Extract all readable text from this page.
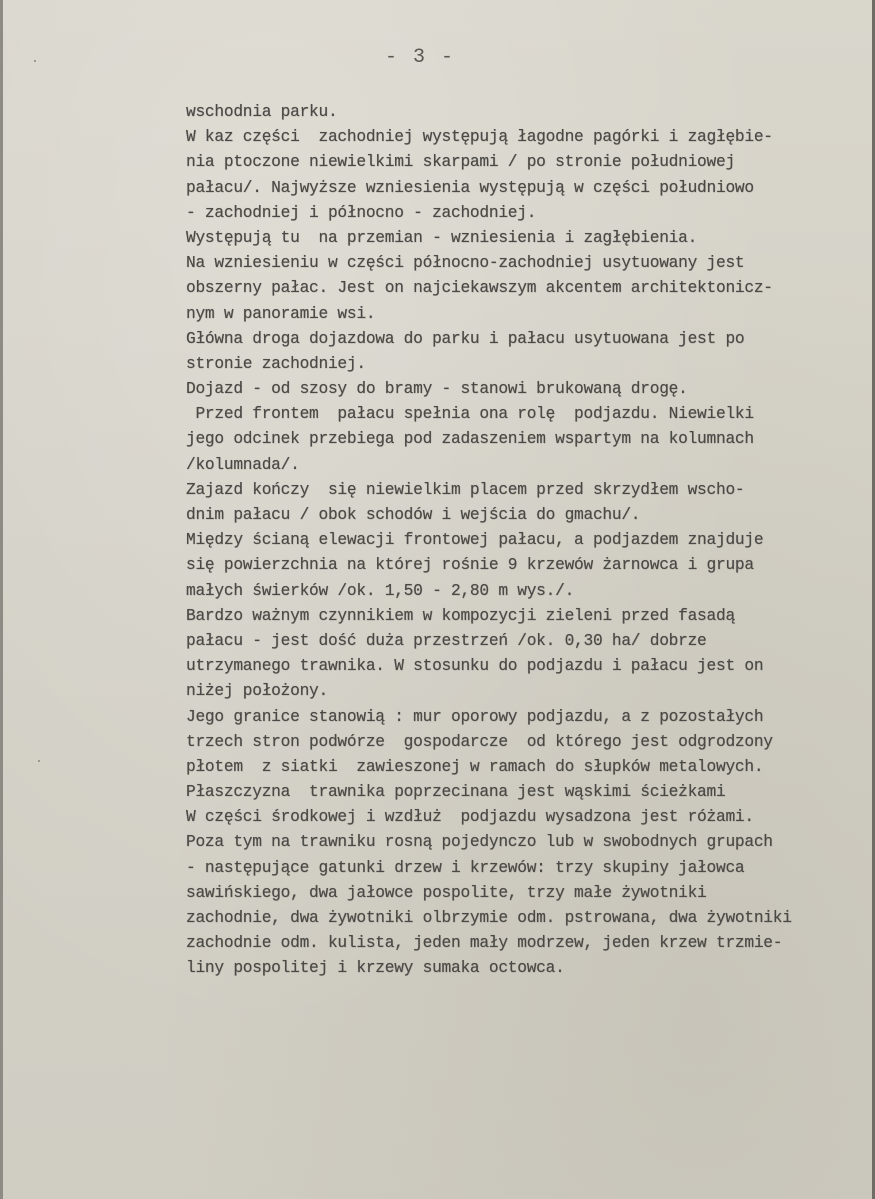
- 3 -
wschodnia parku.
W kaz części  zachodniej występują łagodne pagórki i zagłębie-
nia ptoczone niewielkimi skarpami / po stronie południowej
pałacu/. Najwyższe wzniesienia występują w części południowo
- zachodniej i północno - zachodniej.
Występują tu  na przemian - wzniesienia i zagłębienia.
Na wzniesieniu w części północno-zachodniej usytuowany jest
obszerny pałac. Jest on najciekawszym akcentem architektonicz-
nym w panoramie wsi.
Główna droga dojazdowa do parku i pałacu usytuowana jest po
stronie zachodniej.
Dojazd - od szosy do bramy - stanowi brukowaną drogę.
Przed frontem  pałacu spełnia ona rolę  podjazdu. Niewielki
jego odcinek przebiega pod zadaszeniem wspartym na kolumnach
/kolumnada/.
Zajazd kończy  się niewielkim placem przed skrzydłem wscho-
dnim pałacu / obok schodów i wejścia do gmachu/.
Między ścianą elewacji frontowej pałacu, a podjazdem znajduje
się powierzchnia na której rośnie 9 krzewów żarnowca i grupa
małych świerków /ok. 1,50 - 2,80 m wys./.
Bardzo ważnym czynnikiem w kompozycji zieleni przed fasadą
pałacu - jest dość duża przestrzeń /ok. 0,30 ha/ dobrze
utrzymanego trawnika. W stosunku do podjazdu i pałacu jest on
niżej położony.
Jego granice stanowią : mur oporowy podjazdu, a z pozostałych
trzech stron podwórze  gospodarcze  od którego jest odgrodzony
płotem  z siatki  zawieszonej w ramach do słupków metalowych.
Płaszczyzna  trawnika poprzecinana jest wąskimi ścieżkami
W części środkowej i wzdłuż  podjazdu wysadzona jest różami.
Poza tym na trawniku rosną pojedynczo lub w swobodnych grupach
- następujące gatunki drzew i krzewów: trzy skupiny jałowca
sawińskiego, dwa jałowce pospolite, trzy małe żywotniki
zachodnie, dwa żywotniki olbrzymie odm. pstrowana, dwa żywotniki
zachodnie odm. kulista, jeden mały modrzew, jeden krzew trzmie-
liny pospolitej i krzewy sumaka octowca.
